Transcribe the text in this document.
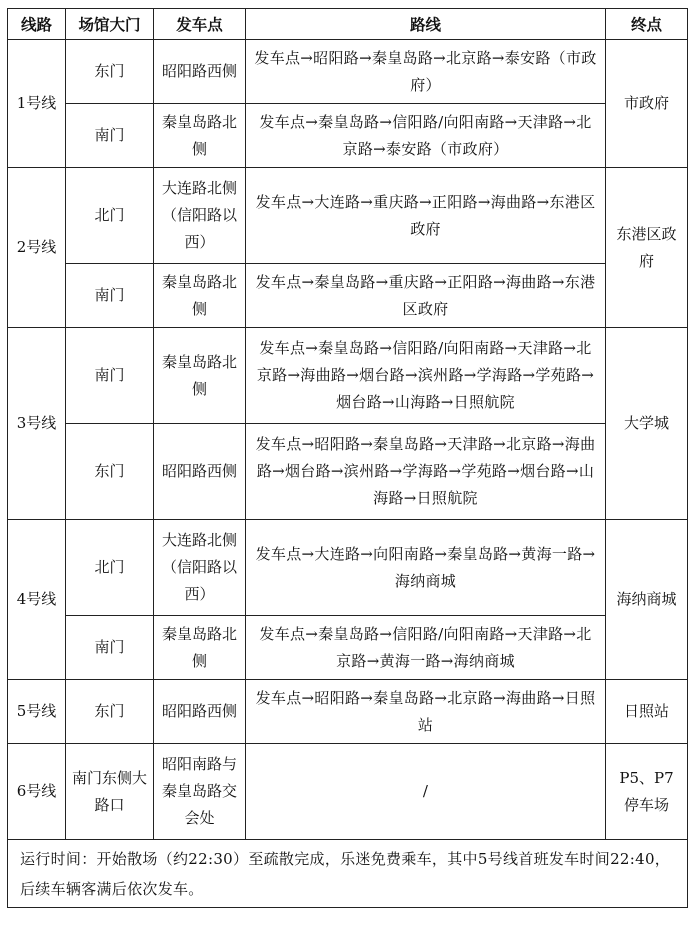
线路	场馆大门	发车点	路线	终点
1号线	东门	昭阳路西侧	发车点→昭阳路→秦皇岛路→北京路→泰安路（市政府）	市政府
	南门	秦皇岛路北侧	发车点→秦皇岛路→信阳路/向阳南路→天津路→北京路→泰安路（市政府）	
2号线	北门	大连路北侧（信阳路以西）	发车点→大连路→重庆路→正阳路→海曲路→东港区政府	东港区政府
	南门	秦皇岛路北侧	发车点→秦皇岛路→重庆路→正阳路→海曲路→东港区政府	
3号线	南门	秦皇岛路北侧	发车点→秦皇岛路→信阳路/向阳南路→天津路→北京路→海曲路→烟台路→滨州路→学海路→学苑路→烟台路→山海路→日照航院	大学城
	东门	昭阳路西侧	发车点→昭阳路→秦皇岛路→天津路→北京路→海曲路→烟台路→滨州路→学海路→学苑路→烟台路→山海路→日照航院	
4号线	北门	大连路北侧（信阳路以西）	发车点→大连路→向阳南路→秦皇岛路→黄海一路→海纳商城	海纳商城
	南门	秦皇岛路北侧	发车点→秦皇岛路→信阳路/向阳南路→天津路→北京路→黄海一路→海纳商城	
5号线	东门	昭阳路西侧	发车点→昭阳路→秦皇岛路→北京路→海曲路→日照站	日照站
6号线	南门东侧大路口	昭阳南路与秦皇岛路交会处	/	P5、P7停车场
运行时间：开始散场（约22:30）至疏散完成，乐迷免费乘车，其中5号线首班发车时间22:40，后续车辆客满后依次发车。				
